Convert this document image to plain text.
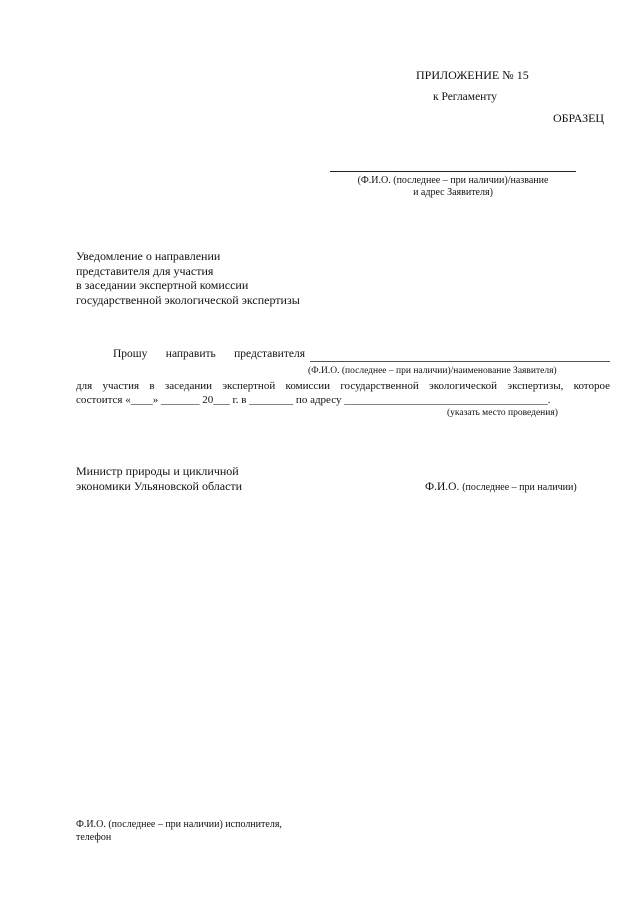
ПРИЛОЖЕНИЕ № 15
к Регламенту
ОБРАЗЕЦ
(Ф.И.О. (последнее – при наличии)/название
и адрес Заявителя)
Уведомление о направлении
представителя для участия
в заседании экспертной комиссии
государственной экологической экспертизы
Прошу направить представителя
(Ф.И.О. (последнее – при наличии)/наименование Заявителя)
для участия в заседании экспертной комиссии государственной экологической экспертизы, которое
состоится «____» _______ 20___ г. в ________ по адресу _____________________________________.
(указать место проведения)
Министр природы и цикличной
экономики Ульяновской области	Ф.И.О. (последнее – при наличии)
Ф.И.О. (последнее – при наличии) исполнителя,
телефон
